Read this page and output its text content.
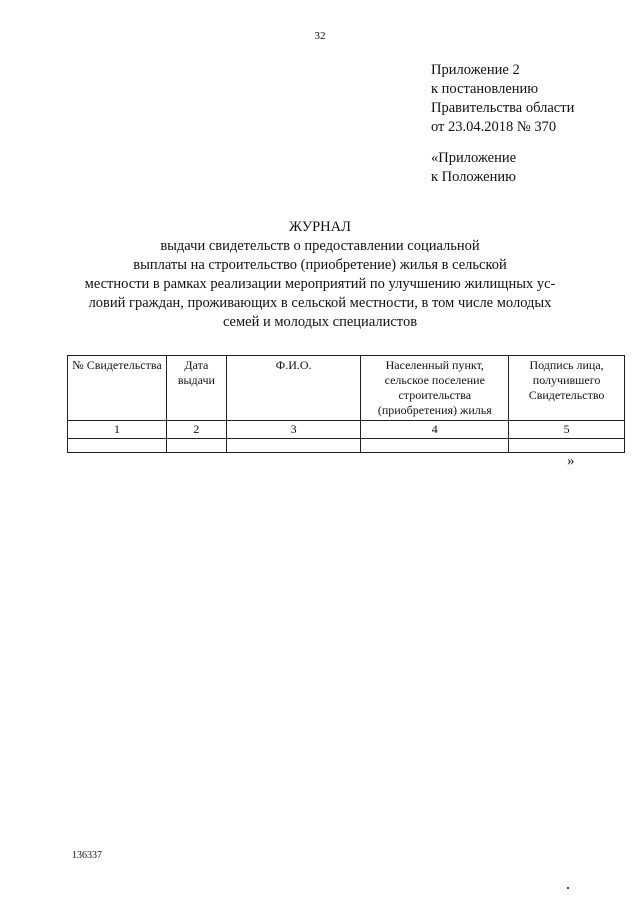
32
Приложение 2
к постановлению
Правительства области
от 23.04.2018 № 370
«Приложение
к Положению
ЖУРНАЛ
выдачи свидетельств о предоставлении социальной
выплаты на строительство (приобретение) жилья в сельской
местности в рамках реализации мероприятий по улучшению жилищных ус-
ловий граждан, проживающих в сельской местности, в том числе молодых
семей и молодых специалистов
№ Свидетельства	Дата выдачи	Ф.И.О.	Населенный пункт, сельское поселение строительства (приобретения) жилья	Подпись лица, получившего Свидетельство
1	2	3	4	5

»
136337
